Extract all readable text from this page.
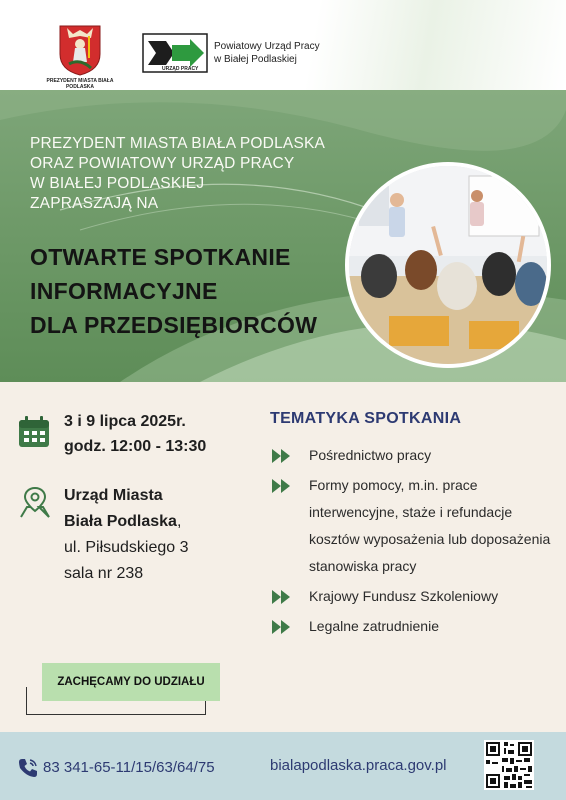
PREZYDENT MIASTA BIAŁA PODLASKA
URZĄD PRACY
Powiatowy Urząd Pracy
w Białej Podlaskiej
PREZYDENT MIASTA BIAŁA PODLASKA
ORAZ POWIATOWY URZĄD PRACY
W BIAŁEJ PODLASKIEJ
ZAPRASZAJĄ NA
OTWARTE SPOTKANIE
INFORMACYJNE
DLA PRZEDSIĘBIORCÓW
3 i 9 lipca 2025r.
godz. 12:00 - 13:30
Urząd Miasta
Biała Podlaska,
ul. Piłsudskiego 3
sala nr 238
TEMATYKA SPOTKANIA
Pośrednictwo pracy
Formy pomocy, m.in. prace interwencyjne, staże i refundacje kosztów wyposażenia lub doposażenia stanowiska pracy
Krajowy Fundusz Szkoleniowy
Legalne zatrudnienie
ZACHĘCAMY DO UDZIAŁU
83 341-65-11/15/63/64/75	bialapodlaska.praca.gov.pl
